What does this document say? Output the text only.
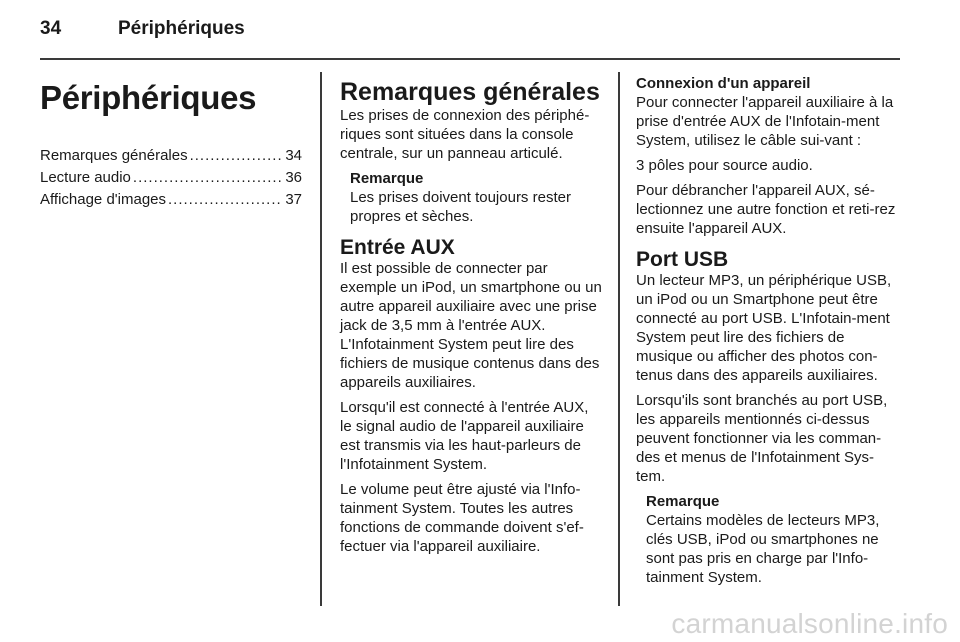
34	Périphériques
Périphériques
Remarques générales .....	34
Lecture audio .....	36
Affichage d'images .....	37
Remarques générales

Les prises de connexion des périphé-riques sont situées dans la console centrale, sur un panneau articulé.

Remarque
Les prises doivent toujours rester propres et sèches.
Entrée AUX

Il est possible de connecter par exemple un iPod, un smartphone ou un autre appareil auxiliaire avec une prise jack de 3,5 mm à l'entrée AUX. L'Infotainment System peut lire des fichiers de musique contenus dans des appareils auxiliaires.

Lorsqu'il est connecté à l'entrée AUX, le signal audio de l'appareil auxiliaire est transmis via les haut-parleurs de l'Infotainment System.

Le volume peut être ajusté via l'Info-tainment System. Toutes les autres fonctions de commande doivent s'ef-fectuer via l'appareil auxiliaire.

Connexion d'un appareil

Pour connecter l'appareil auxiliaire à la prise d'entrée AUX de l'Infotain-ment System, utilisez le câble sui-vant :

3 pôles pour source audio.

Pour débrancher l'appareil AUX, sé-lectionnez une autre fonction et reti-rez ensuite l'appareil AUX.

Port USB

Un lecteur MP3, un périphérique USB, un iPod ou un Smartphone peut être connecté au port USB. L'Infotain-ment System peut lire des fichiers de musique ou afficher des photos con-tenus dans des appareils auxiliaires.

Lorsqu'ils sont branchés au port USB, les appareils mentionnés ci-dessus peuvent fonctionner via les comman-des et menus de l'Infotainment Sys-tem.

Remarque
Certains modèles de lecteurs MP3, clés USB, iPod ou smartphones ne sont pas pris en charge par l'Info-tainment System.
carmanualsonline.info
